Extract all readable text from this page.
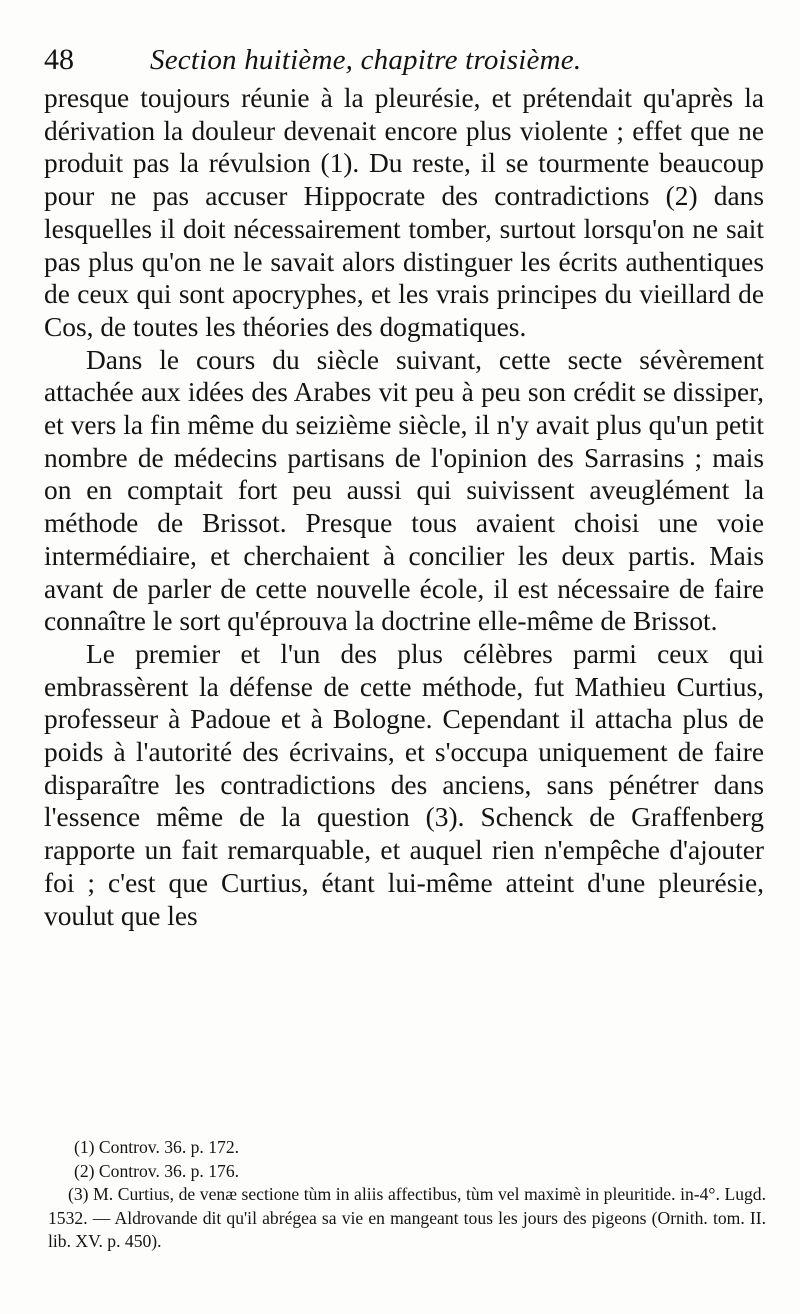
48	Section huitième, chapitre troisième.

presque toujours réunie à la pleurésie, et prétendait qu'après la dérivation la douleur devenait encore plus violente ; effet que ne produit pas la révulsion (1). Du reste, il se tourmente beaucoup pour ne pas accuser Hippocrate des contradictions (2) dans lesquelles il doit nécessairement tomber, surtout lorsqu'on ne sait pas plus qu'on ne le savait alors distinguer les écrits authentiques de ceux qui sont apocryphes, et les vrais principes du vieillard de Cos, de toutes les théories des dogmatiques.

Dans le cours du siècle suivant, cette secte sévèrement attachée aux idées des Arabes vit peu à peu son crédit se dissiper, et vers la fin même du seizième siècle, il n'y avait plus qu'un petit nombre de médecins partisans de l'opinion des Sarrasins ; mais on en comptait fort peu aussi qui suivissent aveuglément la méthode de Brissot. Presque tous avaient choisi une voie intermédiaire, et cherchaient à concilier les deux partis. Mais avant de parler de cette nouvelle école, il est nécessaire de faire connaître le sort qu'éprouva la doctrine elle-même de Brissot.

Le premier et l'un des plus célèbres parmi ceux qui embrassèrent la défense de cette méthode, fut Mathieu Curtius, professeur à Padoue et à Bologne. Cependant il attacha plus de poids à l'autorité des écrivains, et s'occupa uniquement de faire disparaître les contradictions des anciens, sans pénétrer dans l'essence même de la question (3). Schenck de Graffenberg rapporte un fait remarquable, et auquel rien n'empêche d'ajouter foi ; c'est que Curtius, étant lui-même atteint d'une pleurésie, voulut que les

(1) Controv. 36. p. 172.

(2) Controv. 36. p. 176.

(3) M. Curtius, de venæ sectione tùm in aliis affectibus, tùm vel maximè in pleuritide. in-4°. Lugd. 1532. — Aldrovande dit qu'il abrégea sa vie en mangeant tous les jours des pigeons (Ornith. tom. II. lib. XV. p. 450).
